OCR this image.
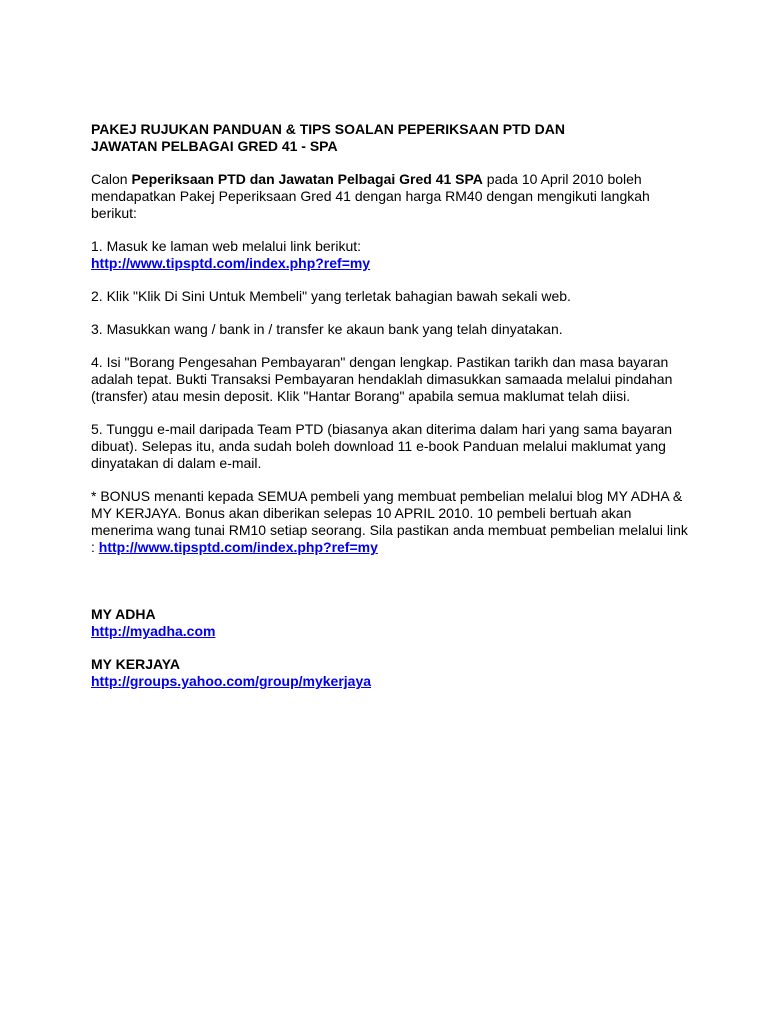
PAKEJ RUJUKAN PANDUAN & TIPS SOALAN PEPERIKSAAN PTD DAN
JAWATAN PELBAGAI GRED 41 - SPA

Calon Peperiksaan PTD dan Jawatan Pelbagai Gred 41 SPA pada 10 April 2010 boleh mendapatkan Pakej Peperiksaan Gred 41 dengan harga RM40 dengan mengikuti langkah berikut:

1. Masuk ke laman web melalui link berikut:
http://www.tipsptd.com/index.php?ref=my

2. Klik "Klik Di Sini Untuk Membeli" yang terletak bahagian bawah sekali web.

3. Masukkan wang / bank in / transfer ke akaun bank yang telah dinyatakan.

4. Isi "Borang Pengesahan Pembayaran" dengan lengkap. Pastikan tarikh dan masa bayaran adalah tepat. Bukti Transaksi Pembayaran hendaklah dimasukkan samaada melalui pindahan (transfer) atau mesin deposit. Klik "Hantar Borang" apabila semua maklumat telah diisi.

5. Tunggu e-mail daripada Team PTD (biasanya akan diterima dalam hari yang sama bayaran dibuat). Selepas itu, anda sudah boleh download 11 e-book Panduan melalui maklumat yang dinyatakan di dalam e-mail.

* BONUS menanti kepada SEMUA pembeli yang membuat pembelian melalui blog MY ADHA & MY KERJAYA. Bonus akan diberikan selepas 10 APRIL 2010. 10 pembeli bertuah akan menerima wang tunai RM10 setiap seorang. Sila pastikan anda membuat pembelian melalui link : http://www.tipsptd.com/index.php?ref=my

MY ADHA
http://myadha.com
MY KERJAYA
http://groups.yahoo.com/group/mykerjaya
